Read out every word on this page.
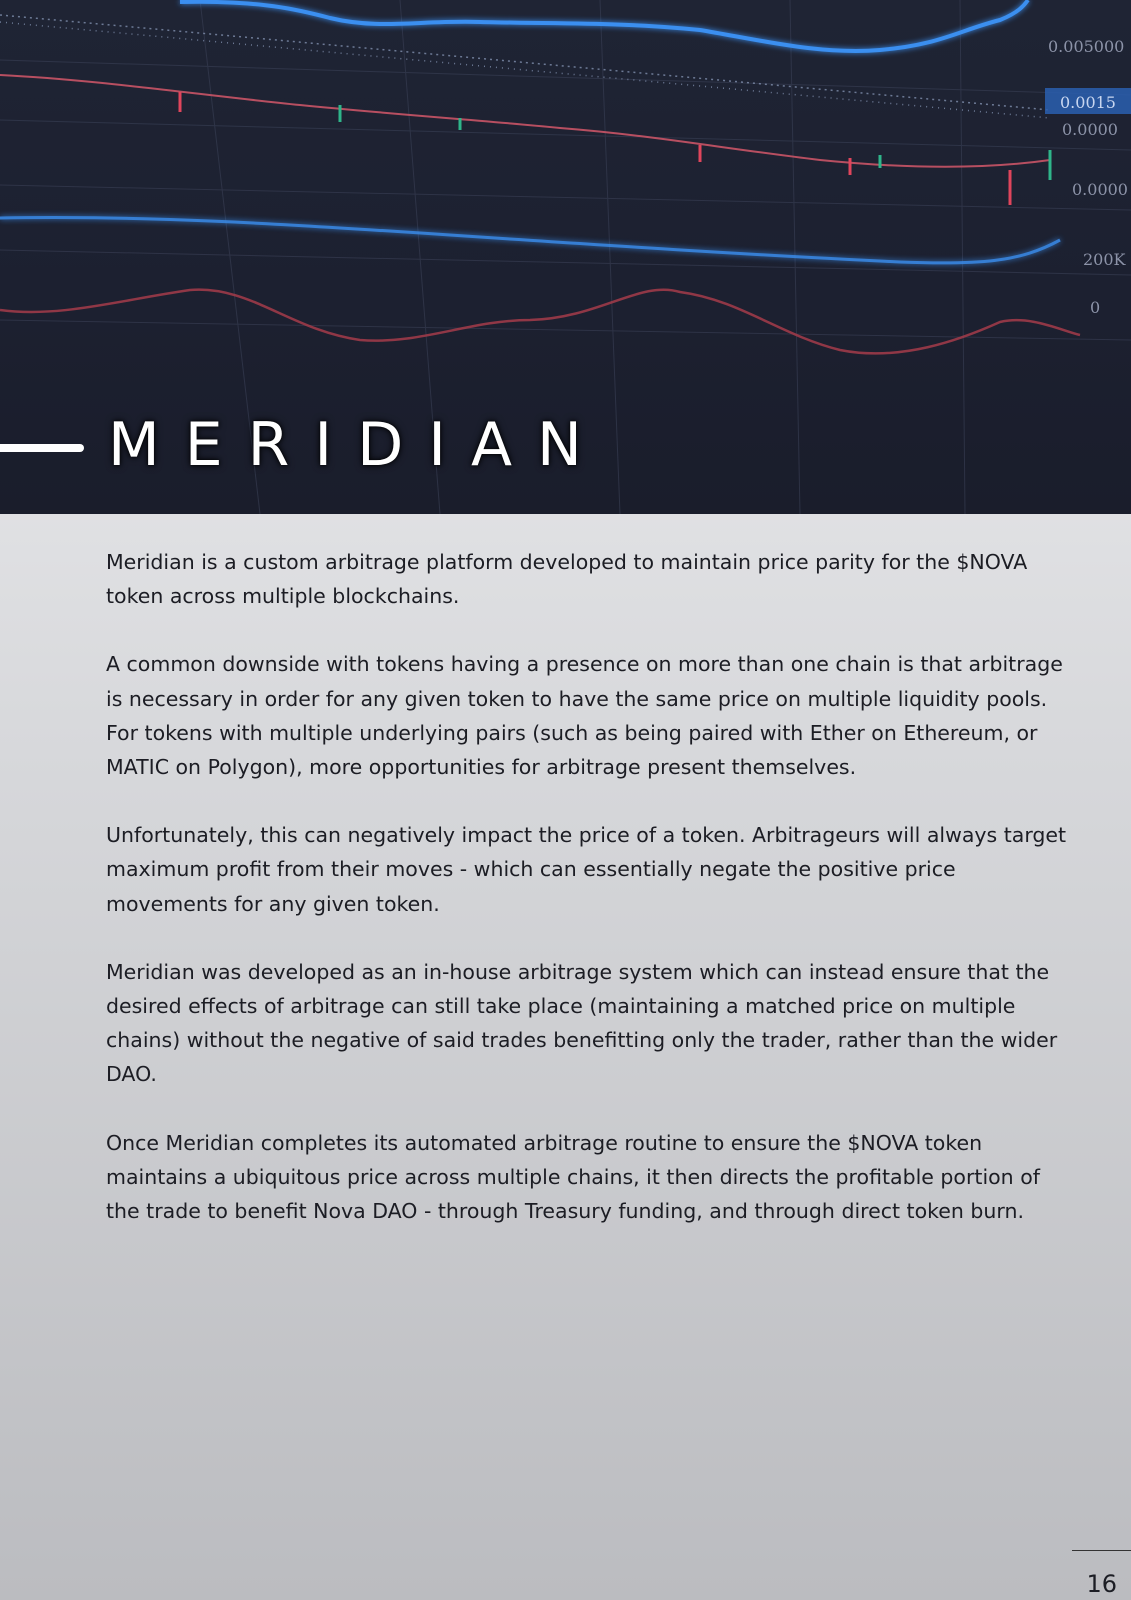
0.005000
0.0015
0.0000
0.0000
200K
0
MERIDIAN

Meridian is a custom arbitrage platform developed to maintain price parity for the $NOVA token across multiple blockchains.

A common downside with tokens having a presence on more than one chain is that arbitrage is necessary in order for any given token to have the same price on multiple liquidity pools. For tokens with multiple underlying pairs (such as being paired with Ether on Ethereum, or MATIC on Polygon), more opportunities for arbitrage present themselves.

Unfortunately, this can negatively impact the price of a token. Arbitrageurs will always target maximum profit from their moves - which can essentially negate the positive price movements for any given token.

Meridian was developed as an in-house arbitrage system which can instead ensure that the desired effects of arbitrage can still take place (maintaining a matched price on multiple chains) without the negative of said trades benefitting only the trader, rather than the wider DAO.

Once Meridian completes its automated arbitrage routine to ensure the $NOVA token maintains a ubiquitous price across multiple chains, it then directs the profitable portion of the trade to benefit Nova DAO - through Treasury funding, and through direct token burn.

16
